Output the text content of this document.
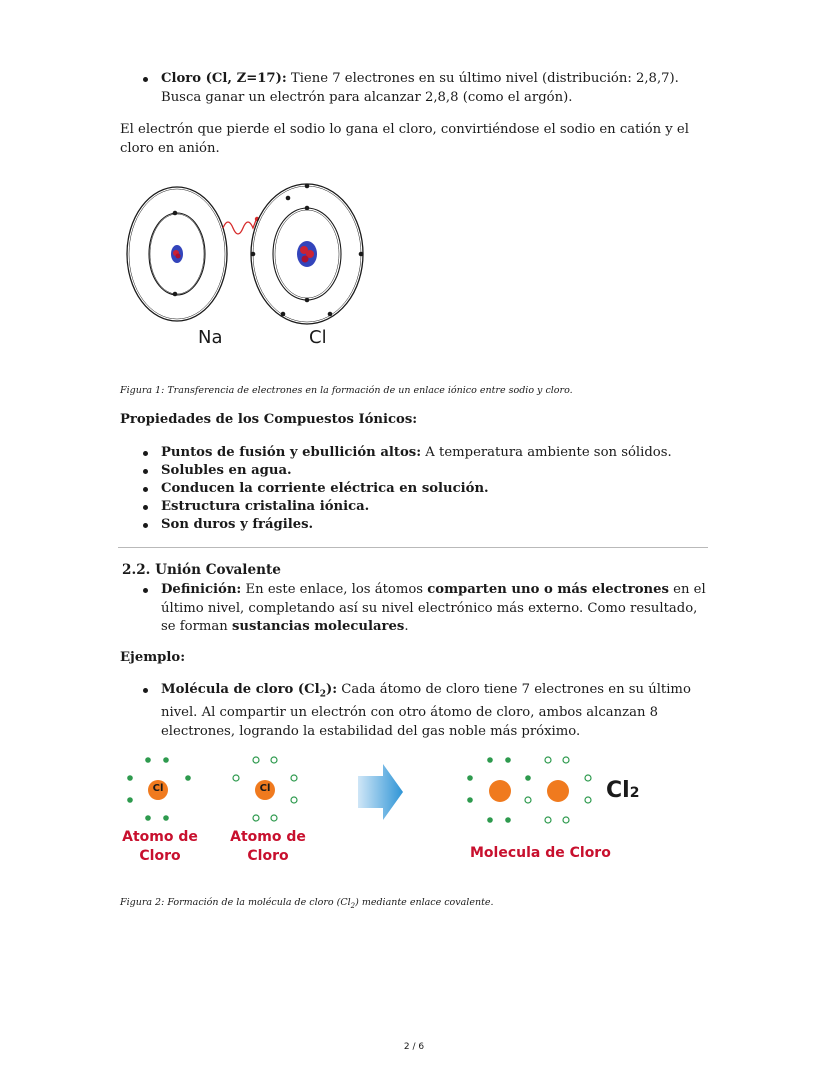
Cloro (Cl, Z=17): Tiene 7 electrones en su último nivel (distribución: 2,8,7). Busca ganar un electrón para alcanzar 2,8,8 (como el argón).
El electrón que pierde el sodio lo gana el cloro, convirtiéndose el sodio en catión y el cloro en anión.
Na	Cl
Figura 1: Transferencia de electrones en la formación de un enlace iónico entre sodio y cloro.
Propiedades de los Compuestos Iónicos:
Puntos de fusión y ebullición altos: A temperatura ambiente son sólidos.
Solubles en agua.
Conducen la corriente eléctrica en solución.
Estructura cristalina iónica.
Son duros y frágiles.
2.2. Unión Covalente
Definición: En este enlace, los átomos comparten uno o más electrones en el último nivel, completando así su nivel electrónico más externo. Como resultado, se forman sustancias moleculares.
Ejemplo:
Molécula de cloro $(Cl_2)$: Cada átomo de cloro tiene 7 electrones en su último nivel. Al compartir un electrón con otro átomo de cloro, ambos alcanzan 8 electrones, logrando la estabilidad del gas noble más próximo.
Cl	Cl
Atomo de
Cloro
Atomo de
Cloro
Cl2
Molecula de Cloro
Figura 2: Formación de la molécula de cloro $(Cl_2)$ mediante enlace covalente.
2 / 6
